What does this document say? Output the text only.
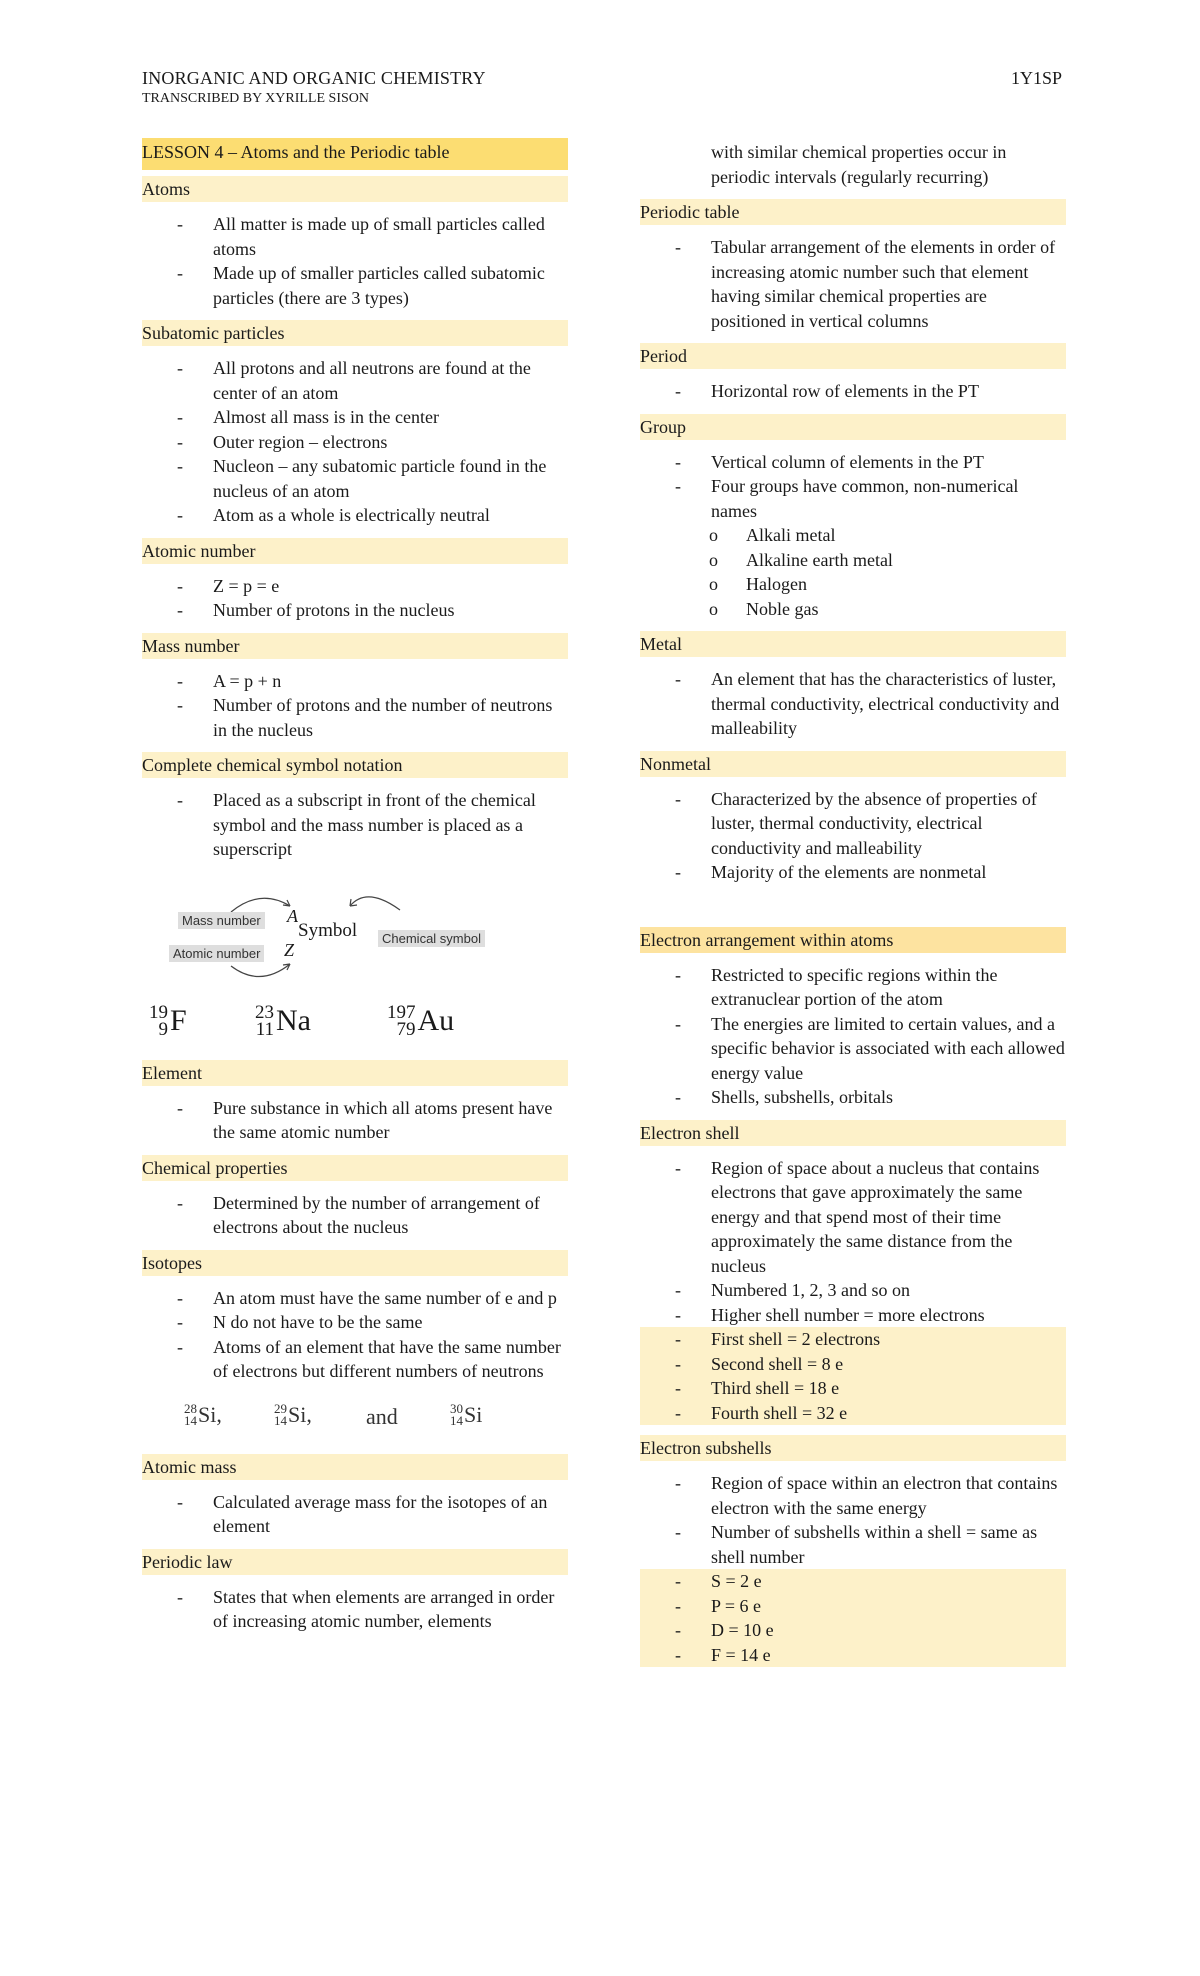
INORGANIC AND ORGANIC CHEMISTRY
TRANSCRIBED BY XYRILLE SISON
1Y1SP
LESSON 4 – Atoms and the Periodic table
Atoms
- All matter is made up of small particles called atoms
- Made up of smaller particles called subatomic particles (there are 3 types)
Subatomic particles
- All protons and all neutrons are found at the center of an atom
- Almost all mass is in the center
- Outer region – electrons
- Nucleon – any subatomic particle found in the nucleus of an atom
- Atom as a whole is electrically neutral
Atomic number
- Z = p = e
- Number of protons in the nucleus
Mass number
- A = p + n
- Number of protons and the number of neutrons in the nucleus
Complete chemical symbol notation
- Placed as a subscript in front of the chemical symbol and the mass number is placed as a superscript
Mass number
Atomic number
Chemical symbol
A
Z
Symbol
19
9 F	23
11 Na	197
79 Au
Element
- Pure substance in which all atoms present have the same atomic number
Chemical properties
- Determined by the number of arrangement of electrons about the nucleus
Isotopes
- An atom must have the same number of e and p
- N do not have to be the same
- Atoms of an element that have the same number of electrons but different numbers of neutrons
28
14 Si,	29
14 Si, and	30
14 Si
Atomic mass
- Calculated average mass for the isotopes of an element
Periodic law
- States that when elements are arranged in order of increasing atomic number, elements
with similar chemical properties occur in periodic intervals (regularly recurring)
Periodic table
- Tabular arrangement of the elements in order of increasing atomic number such that element having similar chemical properties are positioned in vertical columns
Period
- Horizontal row of elements in the PT
Group
- Vertical column of elements in the PT
- Four groups have common, non-numerical names
o Alkali metal
o Alkaline earth metal
o Halogen
o Noble gas
Metal
- An element that has the characteristics of luster, thermal conductivity, electrical conductivity and malleability
Nonmetal
- Characterized by the absence of properties of luster, thermal conductivity, electrical conductivity and malleability
- Majority of the elements are nonmetal
Electron arrangement within atoms
- Restricted to specific regions within the extranuclear portion of the atom
- The energies are limited to certain values, and a specific behavior is associated with each allowed energy value
- Shells, subshells, orbitals
Electron shell
- Region of space about a nucleus that contains electrons that gave approximately the same energy and that spend most of their time approximately the same distance from the nucleus
- Numbered 1, 2, 3 and so on
- Higher shell number = more electrons
- First shell = 2 electrons
- Second shell = 8 e
- Third shell = 18 e
- Fourth shell = 32 e
Electron subshells
- Region of space within an electron that contains electron with the same energy
- Number of subshells within a shell = same as shell number
- S = 2 e
- P = 6 e
- D = 10 e
- F = 14 e
